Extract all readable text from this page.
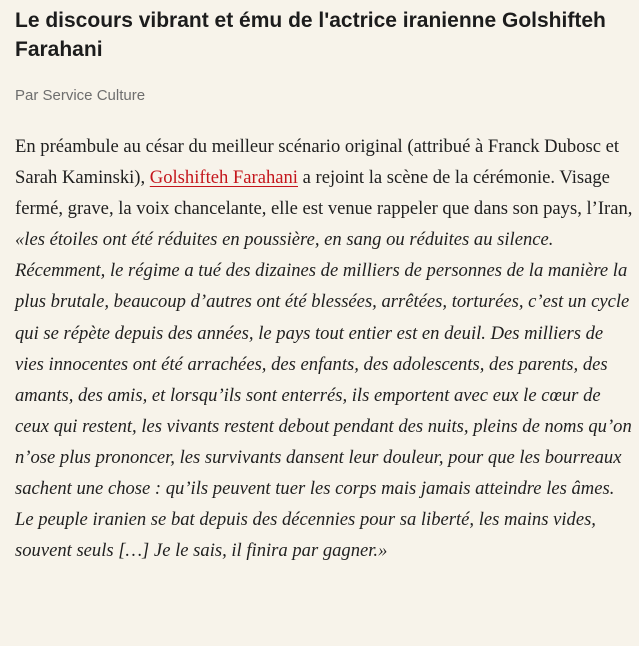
Le discours vibrant et ému de l'actrice iranienne Golshifteh Farahani
Par Service Culture

En préambule au césar du meilleur scénario original (attribué à Franck Dubosc et Sarah Kaminski), Golshifteh Farahani a rejoint la scène de la cérémonie. Visage fermé, grave, la voix chancelante, elle est venue rappeler que dans son pays, l’Iran, «les étoiles ont été réduites en poussière, en sang ou réduites au silence. Récemment, le régime a tué des dizaines de milliers de personnes de la manière la plus brutale, beaucoup d’autres ont été blessées, arrêtées, torturées, c’est un cycle qui se répète depuis des années, le pays tout entier est en deuil. Des milliers de vies innocentes ont été arrachées, des enfants, des adolescents, des parents, des amants, des amis, et lorsqu’ils sont enterrés, ils emportent avec eux le cœur de ceux qui restent, les vivants restent debout pendant des nuits, pleins de noms qu’on n’ose plus prononcer, les survivants dansent leur douleur, pour que les bourreaux sachent une chose : qu’ils peuvent tuer les corps mais jamais atteindre les âmes. Le peuple iranien se bat depuis des décennies pour sa liberté, les mains vides, souvent seuls […] Je le sais, il finira par gagner.»
